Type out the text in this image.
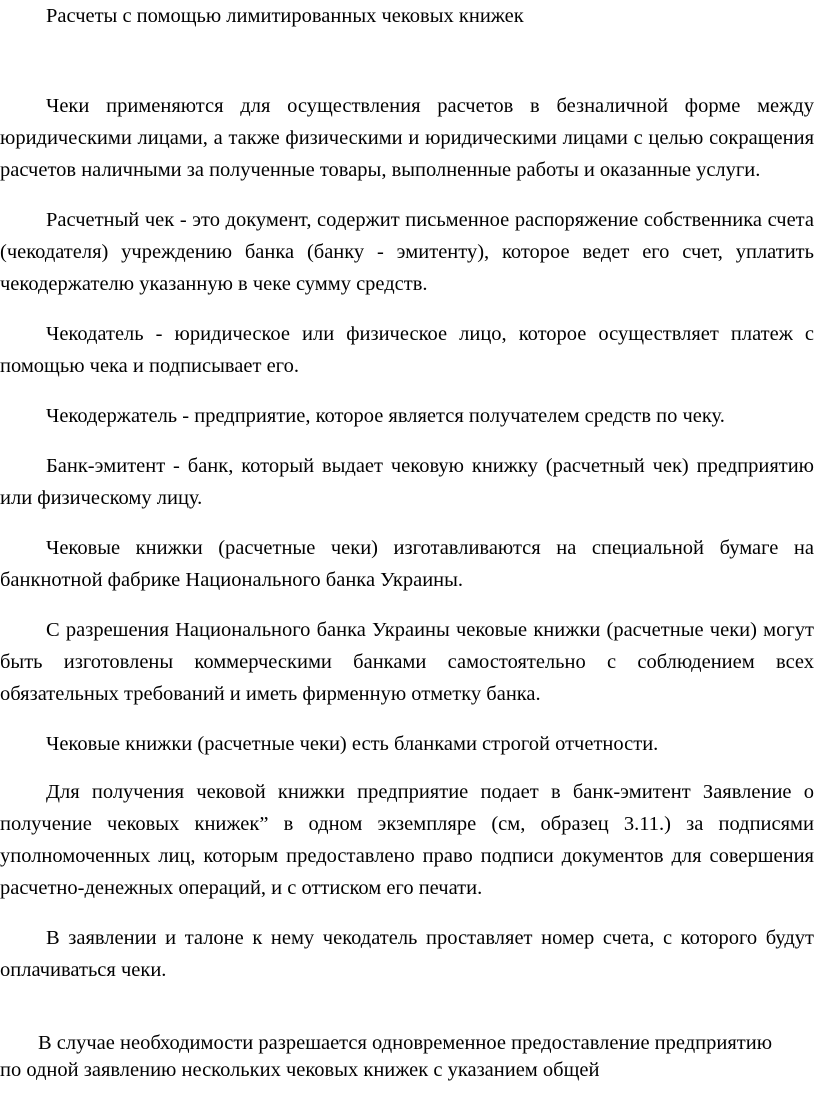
Расчеты с помощью лимитированных чековых книжек

Чеки применяются для осуществления расчетов в безналичной форме между юридическими лицами, а также физическими и юридическими лицами с целью сокращения расчетов наличными за полученные товары, выполненные работы и оказанные услуги.

Расчетный чек - это документ, содержит письменное распоряжение собственника счета (чекодателя) учреждению банка (банку - эмитенту), которое ведет его счет, уплатить чекодержателю указанную в чеке сумму средств.

Чекодатель - юридическое или физическое лицо, которое осуществляет платеж с помощью чека и подписывает его.

Чекодержатель - предприятие, которое является получателем средств по чеку.

Банк-эмитент - банк, который выдает чековую книжку (расчетный чек) предприятию или физическому лицу.

Чековые книжки (расчетные чеки) изготавливаются на специальной бумаге на банкнотной фабрике Национального банка Украины.

С разрешения Национального банка Украины чековые книжки (расчетные чеки) могут быть изготовлены коммерческими банками самостоятельно с соблюдением всех обязательных требований и иметь фирменную отметку банка.

Чековые книжки (расчетные чеки) есть бланками строгой отчетности.

Для получения чековой книжки предприятие подает в банк-эмитент Заявление о получение чековых книжек” в одном экземпляре (см, образец 3.11.) за подписями уполномоченных лиц, которым предоставлено право подписи документов для совершения расчетно-денежных операций, и с оттиском его печати.

В заявлении и талоне к нему чекодатель проставляет номер счета, с которого будут оплачиваться чеки.

В случае необходимости разрешается одновременное предоставление предприятию по одной заявлению нескольких чековых книжек с указанием общей
